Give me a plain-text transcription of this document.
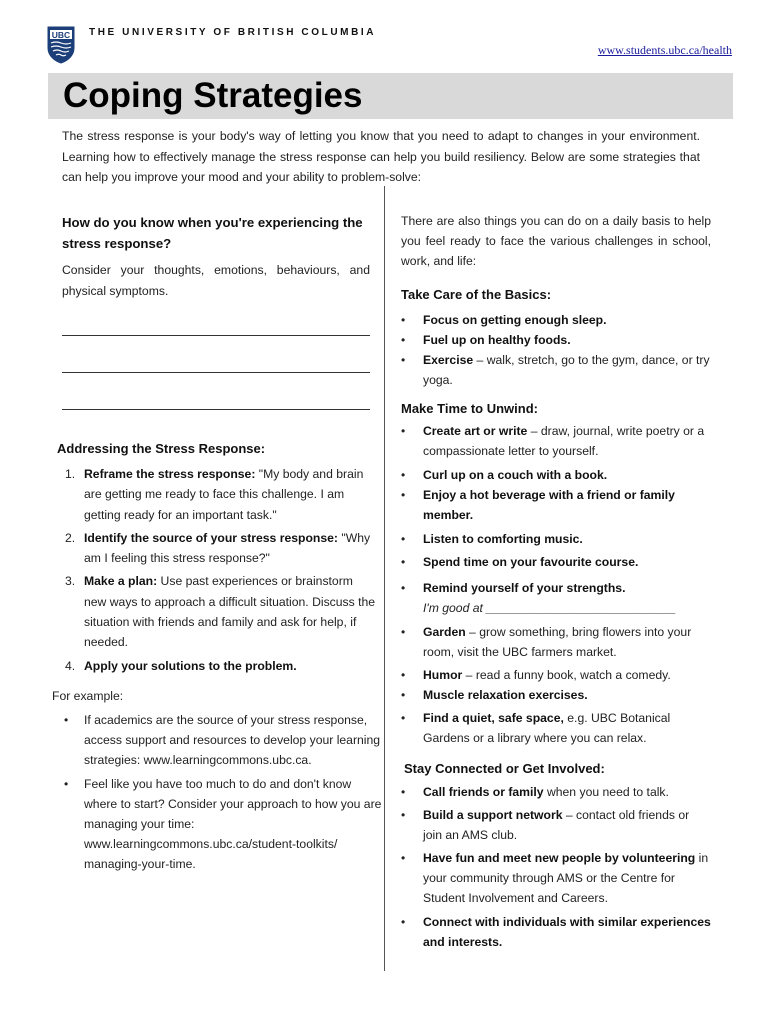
UBC THE UNIVERSITY OF BRITISH COLUMBIA
www.students.ubc.ca/health
Coping Strategies

The stress response is your body's way of letting you know that you need to adapt to changes in your environment. Learning how to effectively manage the stress response can help you build resiliency. Below are some strategies that can help you improve your mood and your ability to problem-solve:

How do you know when you're experiencing the stress response?

Consider your thoughts, emotions, behaviours, and physical symptoms.

Addressing the Stress Response:
1. Reframe the stress response: "My body and brain are getting me ready to face this challenge. I am getting ready for an important task."
2. Identify the source of your stress response: "Why am I feeling this stress response?"
3. Make a plan: Use past experiences or brainstorm new ways to approach a difficult situation. Discuss the situation with friends and family and ask for help, if needed.
4. Apply your solutions to the problem.

For example:

• If academics are the source of your stress response, access support and resources to develop your learning strategies: www.learningcommons.ubc.ca.
• Feel like you have too much to do and don't know where to start? Consider your approach to how you are managing your time: www.learningcommons.ubc.ca/student-toolkits/ managing-your-time.

There are also things you can do on a daily basis to help you feel ready to face the various challenges in school, work, and life:

Take Care of the Basics:
• Focus on getting enough sleep.
• Fuel up on healthy foods.
• Exercise – walk, stretch, go to the gym, dance, or try yoga.
Make Time to Unwind:
• Create art or write – draw, journal, write poetry or a compassionate letter to yourself.
• Curl up on a couch with a book.
• Enjoy a hot beverage with a friend or family member.
• Listen to comforting music.
• Spend time on your favourite course.
• Remind yourself of your strengths.
I'm good at ____________________________
• Garden – grow something, bring flowers into your room, visit the UBC farmers market.
• Humor – read a funny book, watch a comedy.
• Muscle relaxation exercises.
• Find a quiet, safe space, e.g. UBC Botanical Gardens or a library where you can relax.
Stay Connected or Get Involved:
• Call friends or family when you need to talk.
• Build a support network – contact old friends or join an AMS club.
• Have fun and meet new people by volunteering in your community through AMS or the Centre for Student Involvement and Careers.
• Connect with individuals with similar experiences and interests.
